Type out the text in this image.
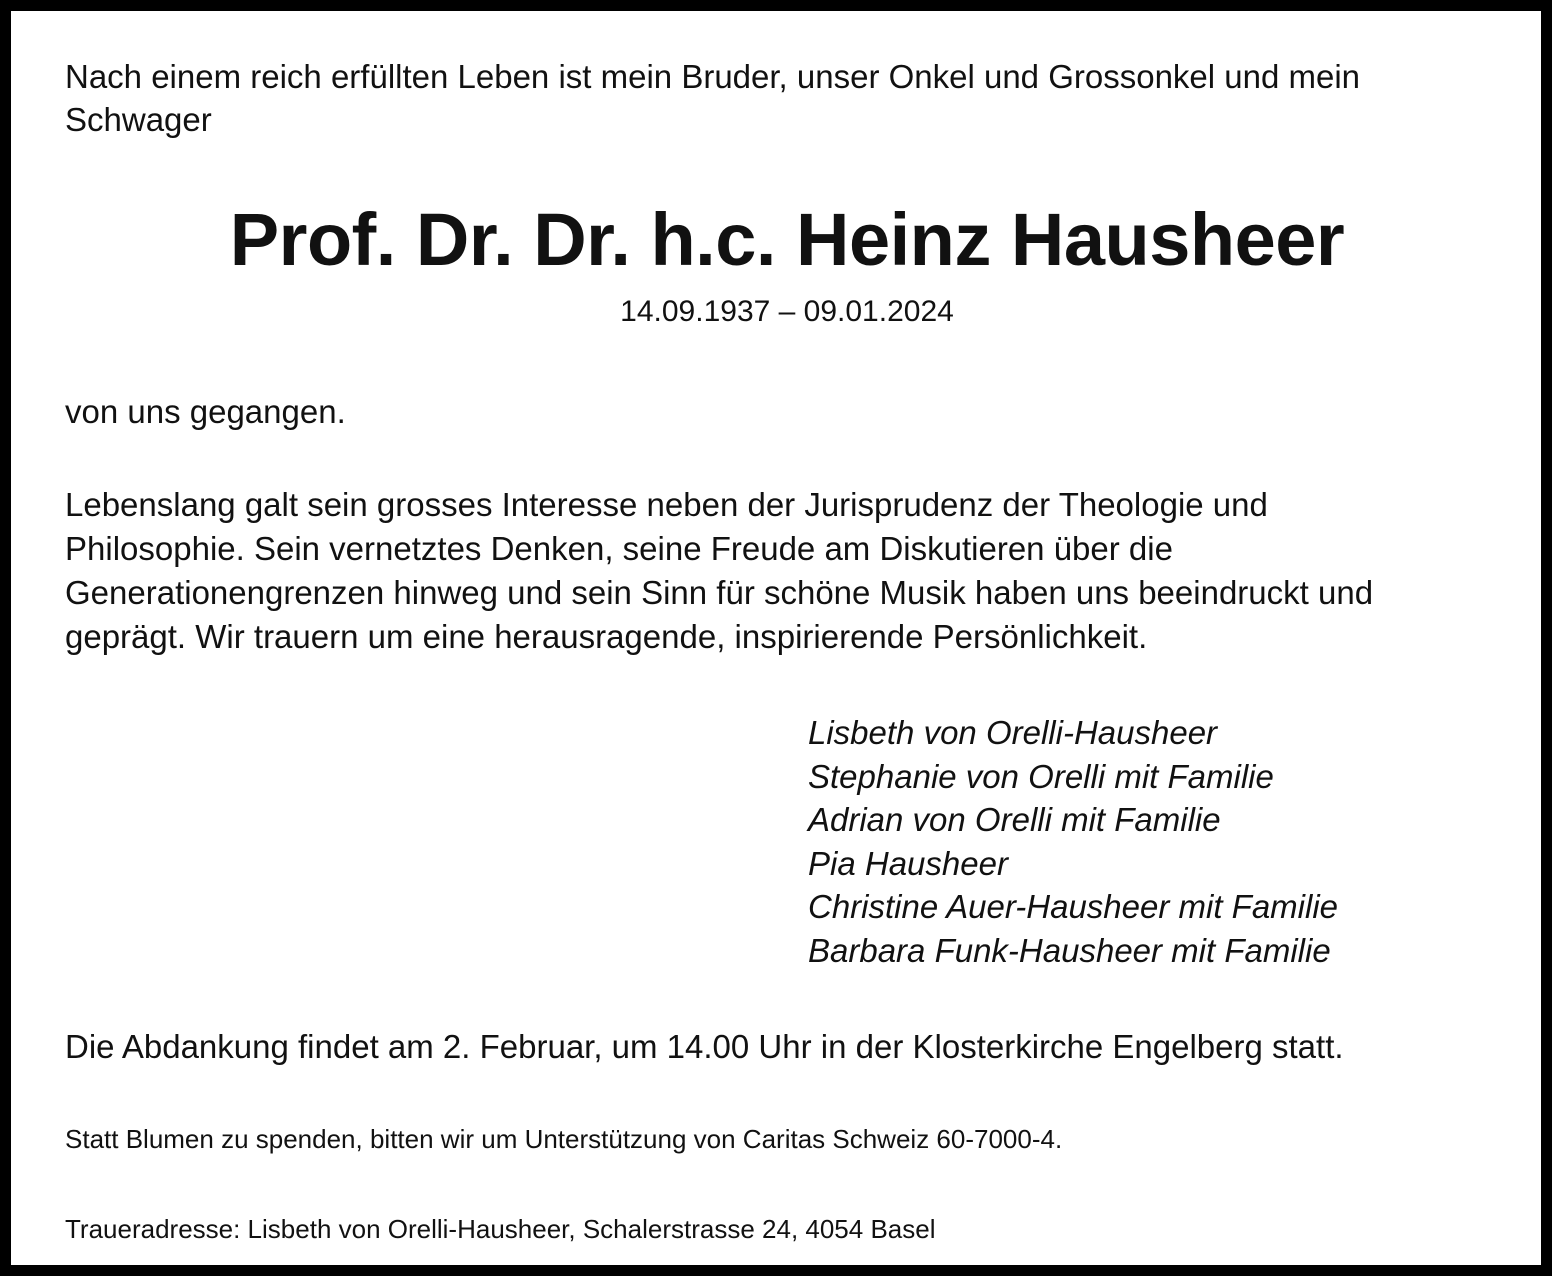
Nach einem reich erfüllten Leben ist mein Bruder, unser Onkel und Grossonkel und mein
Schwager
Prof. Dr. Dr. h.c. Heinz Hausheer
14.09.1937 – 09.01.2024
von uns gegangen.
Lebenslang galt sein grosses Interesse neben der Jurisprudenz der Theologie und
Philosophie. Sein vernetztes Denken, seine Freude am Diskutieren über die
Generationengrenzen hinweg und sein Sinn für schöne Musik haben uns beeindruckt und
geprägt. Wir trauern um eine herausragende, inspirierende Persönlichkeit.
Lisbeth von Orelli-Hausheer
Stephanie von Orelli mit Familie
Adrian von Orelli mit Familie
Pia Hausheer
Christine Auer-Hausheer mit Familie
Barbara Funk-Hausheer mit Familie
Die Abdankung findet am 2. Februar, um 14.00 Uhr in der Klosterkirche Engelberg statt.
Statt Blumen zu spenden, bitten wir um Unterstützung von Caritas Schweiz 60-7000-4.
Traueradresse: Lisbeth von Orelli-Hausheer, Schalerstrasse 24, 4054 Basel
